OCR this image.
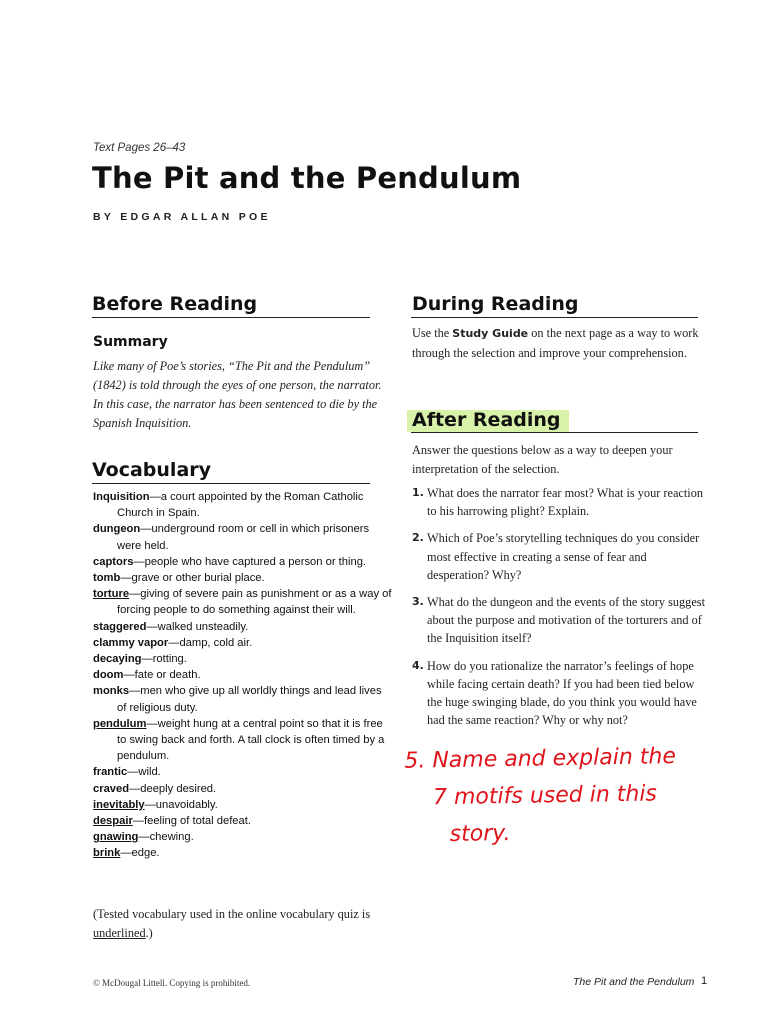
Text Pages 26–43
The Pit and the Pendulum
BY EDGAR ALLAN POE
Before Reading
Summary
Like many of Poe’s stories, “The Pit and the Pendulum” (1842) is told through the eyes of one person, the narrator. In this case, the narrator has been sentenced to die by the Spanish Inquisition.
Vocabulary
Inquisition—a court appointed by the Roman Catholic Church in Spain.
dungeon—underground room or cell in which prisoners were held.
captors—people who have captured a person or thing.
tomb—grave or other burial place.
torture—giving of severe pain as punishment or as a way of forcing people to do something against their will.
staggered—walked unsteadily.
clammy vapor—damp, cold air.
decaying—rotting.
doom—fate or death.
monks—men who give up all worldly things and lead lives of religious duty.
pendulum—weight hung at a central point so that it is free to swing back and forth. A tall clock is often timed by a pendulum.
frantic—wild.
craved—deeply desired.
inevitably—unavoidably.
despair—feeling of total defeat.
gnawing—chewing.
brink—edge.
(Tested vocabulary used in the online vocabulary quiz is underlined.)
During Reading
Use the Study Guide on the next page as a way to work through the selection and improve your comprehension.
After Reading
Answer the questions below as a way to deepen your interpretation of the selection.
1. What does the narrator fear most? What is your reaction to his harrowing plight? Explain.
2. Which of Poe’s storytelling techniques do you consider most effective in creating a sense of fear and desperation? Why?
3. What do the dungeon and the events of the story suggest about the purpose and motivation of the torturers and of the Inquisition itself?
4. How do you rationalize the narrator’s feelings of hope while facing certain death? If you had been tied below the huge swinging blade, do you think you would have had the same reaction? Why or why not?
5. Name and explain the
7 motifs used in this
story.
© McDougal Littell. Copying is prohibited.	The Pit and the Pendulum 1
